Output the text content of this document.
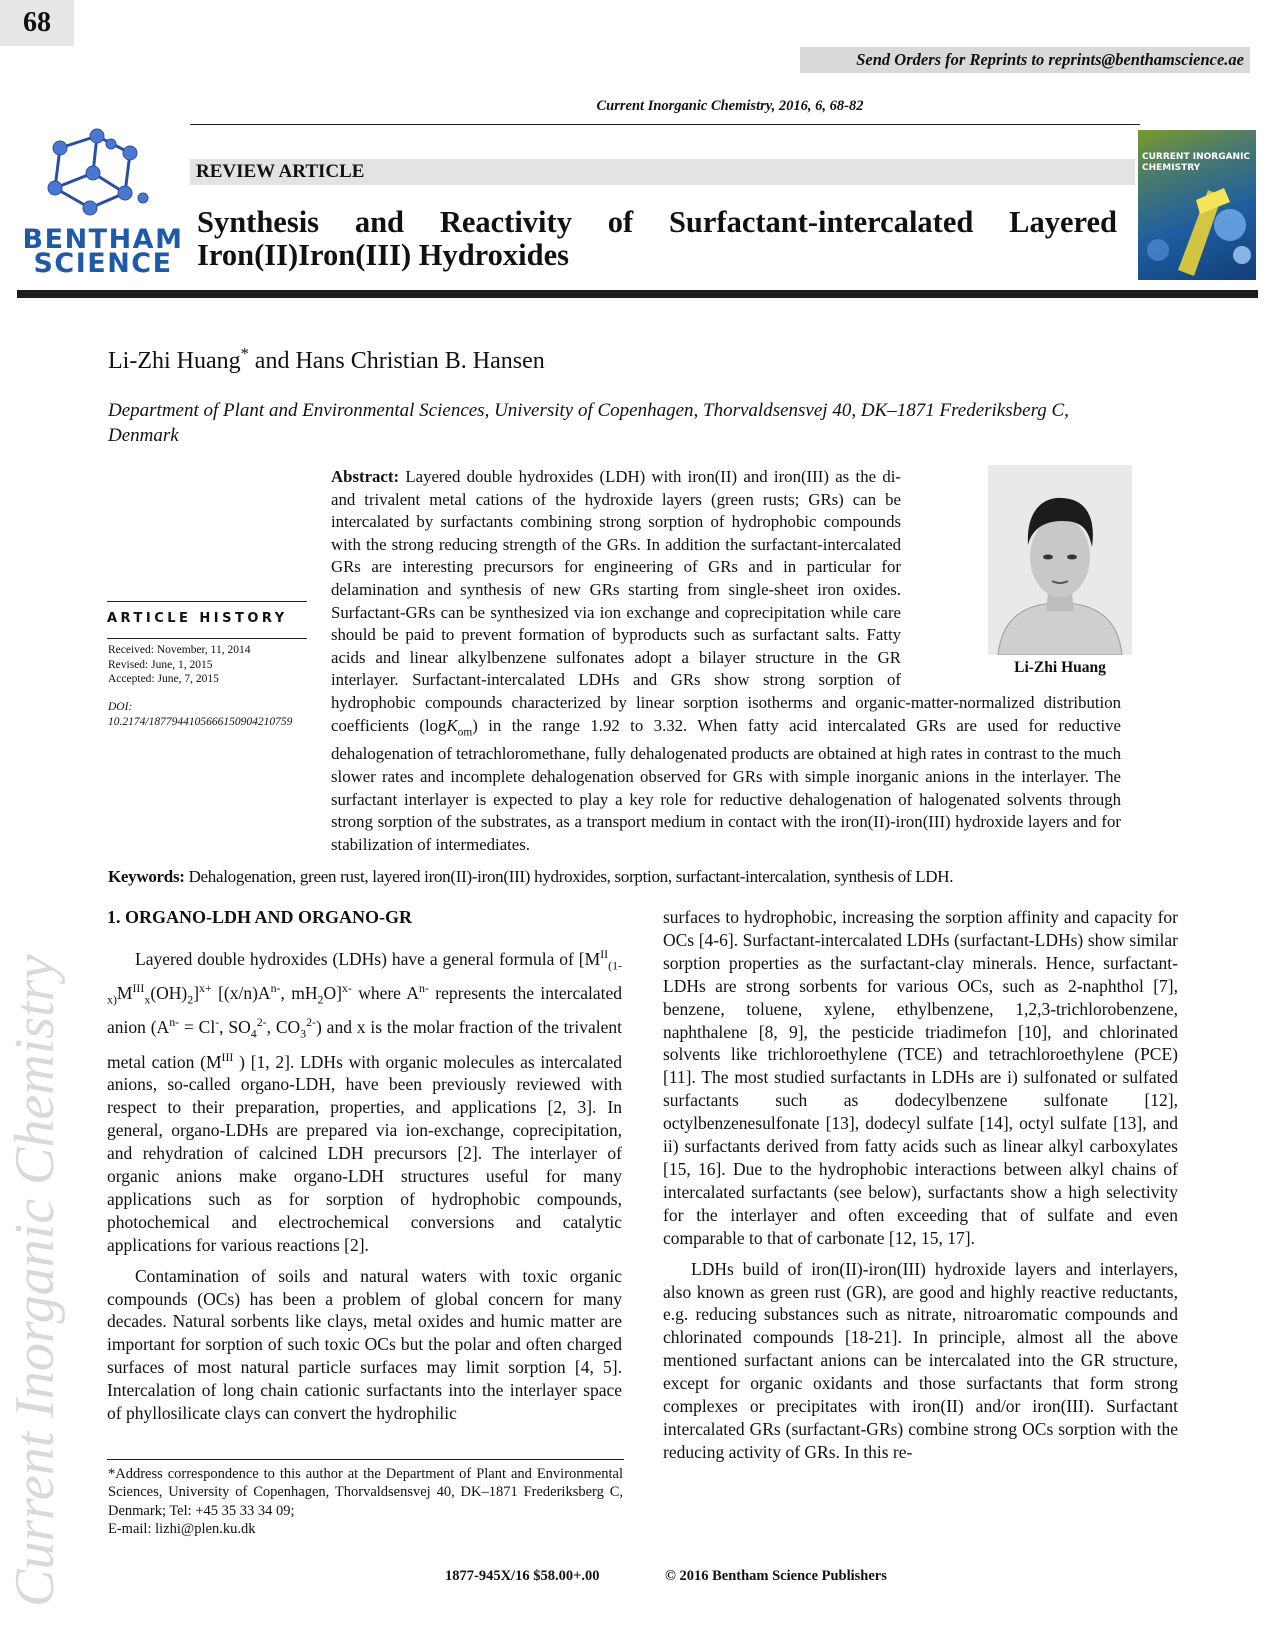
68
Send Orders for Reprints to reprints@benthamscience.ae
Current Inorganic Chemistry, 2016, 6, 68-82
BENTHAM
SCIENCE
REVIEW ARTICLE
Synthesis and Reactivity of Surfactant-intercalated Layered Iron(II)Iron(III) Hydroxides
CURRENT INORGANIC CHEMISTRY
Li-Zhi Huang* and Hans Christian B. Hansen
Department of Plant and Environmental Sciences, University of Copenhagen, Thorvaldsensvej 40, DK–1871 Frederiksberg C, Denmark
ARTICLE HISTORY
Received: November, 11, 2014
Revised: June, 1, 2015
Accepted: June, 7, 2015
DOI:
10.2174/1877944105666150904210759
Li-Zhi Huang
Abstract: Layered double hydroxides (LDH) with iron(II) and iron(III) as the di- and trivalent metal cations of the hydroxide layers (green rusts; GRs) can be intercalated by surfactants combining strong sorption of hydrophobic compounds with the strong reducing strength of the GRs. In addition the surfactant-intercalated GRs are interesting precursors for engineering of GRs and in particular for delamination and synthesis of new GRs starting from single-sheet iron oxides. Surfactant-GRs can be synthesized via ion exchange and coprecipitation while care should be paid to prevent formation of byproducts such as surfactant salts. Fatty acids and linear alkylbenzene sulfonates adopt a bilayer structure in the GR interlayer. Surfactant-intercalated LDHs and GRs show strong sorption of hydrophobic compounds characterized by linear sorption isotherms and organic-matter-normalized distribution coefficients (logK$_{om}$) in the range 1.92 to 3.32. When fatty acid intercalated GRs are used for reductive dehalogenation of tetrachloromethane, fully dehalogenated products are obtained at high rates in contrast to the much slower rates and incomplete dehalogenation observed for GRs with simple inorganic anions in the interlayer. The surfactant interlayer is expected to play a key role for reductive dehalogenation of halogenated solvents through strong sorption of the substrates, as a transport medium in contact with the iron(II)-iron(III) hydroxide layers and for stabilization of intermediates.
Keywords: Dehalogenation, green rust, layered iron(II)-iron(III) hydroxides, sorption, surfactant-intercalation, synthesis of LDH.
1. ORGANO-LDH AND ORGANO-GR

Layered double hydroxides (LDHs) have a general formula of $[M^{II}_{(1-x)}M^{III}_x(OH)_2]^{x+}$ [$(x/n)A^{n-}$, $mH_2O]^{x-}$ where $A^{n-}$ represents the intercalated anion ($A^{n-} = Cl^-$, $SO_4^{2-}$, $CO_3^{2-}$) and x is the molar fraction of the trivalent metal cation ($M^{III}$ ) [1, 2]. LDHs with organic molecules as intercalated anions, so-called organo-LDH, have been previously reviewed with respect to their preparation, properties, and applications [2, 3]. In general, organo-LDHs are prepared via ion-exchange, coprecipitation, and rehydration of calcined LDH precursors [2]. The interlayer of organic anions make organo-LDH structures useful for many applications such as for sorption of hydrophobic compounds, photochemical and electrochemical conversions and catalytic applications for various reactions [2].

Contamination of soils and natural waters with toxic organic compounds (OCs) has been a problem of global concern for many decades. Natural sorbents like clays, metal oxides and humic matter are important for sorption of such toxic OCs but the polar and often charged surfaces of most natural particle surfaces may limit sorption [4, 5]. Intercalation of long chain cationic surfactants into the interlayer space of phyllosilicate clays can convert the hydrophilic

surfaces to hydrophobic, increasing the sorption affinity and capacity for OCs [4-6]. Surfactant-intercalated LDHs (surfactant-LDHs) show similar sorption properties as the surfactant-clay minerals. Hence, surfactant-LDHs are strong sorbents for various OCs, such as 2-naphthol [7], benzene, toluene, xylene, ethylbenzene, 1,2,3-trichlorobenzene, naphthalene [8, 9], the pesticide triadimefon [10], and chlorinated solvents like trichloroethylene (TCE) and tetrachloroethylene (PCE) [11]. The most studied surfactants in LDHs are i) sulfonated or sulfated surfactants such as dodecylbenzene sulfonate [12], octylbenzenesulfonate [13], dodecyl sulfate [14], octyl sulfate [13], and ii) surfactants derived from fatty acids such as linear alkyl carboxylates [15, 16]. Due to the hydrophobic interactions between alkyl chains of intercalated surfactants (see below), surfactants show a high selectivity for the interlayer and often exceeding that of sulfate and even comparable to that of carbonate [12, 15, 17].

LDHs build of iron(II)-iron(III) hydroxide layers and interlayers, also known as green rust (GR), are good and highly reactive reductants, e.g. reducing substances such as nitrate, nitroaromatic compounds and chlorinated compounds [18-21]. In principle, almost all the above mentioned surfactant anions can be intercalated into the GR structure, except for organic oxidants and those surfactants that form strong complexes or precipitates with iron(II) and/or iron(III). Surfactant intercalated GRs (surfactant-GRs) combine strong OCs sorption with the reducing activity of GRs. In this re-

*Address correspondence to this author at the Department of Plant and Environmental Sciences, University of Copenhagen, Thorvaldsensvej 40, DK–1871 Frederiksberg C, Denmark; Tel: +45 35 33 34 09;
E-mail: lizhi@plen.ku.dk
1877-945X/16 $58.00+.00	© 2016 Bentham Science Publishers
Current Inorganic Chemistry
